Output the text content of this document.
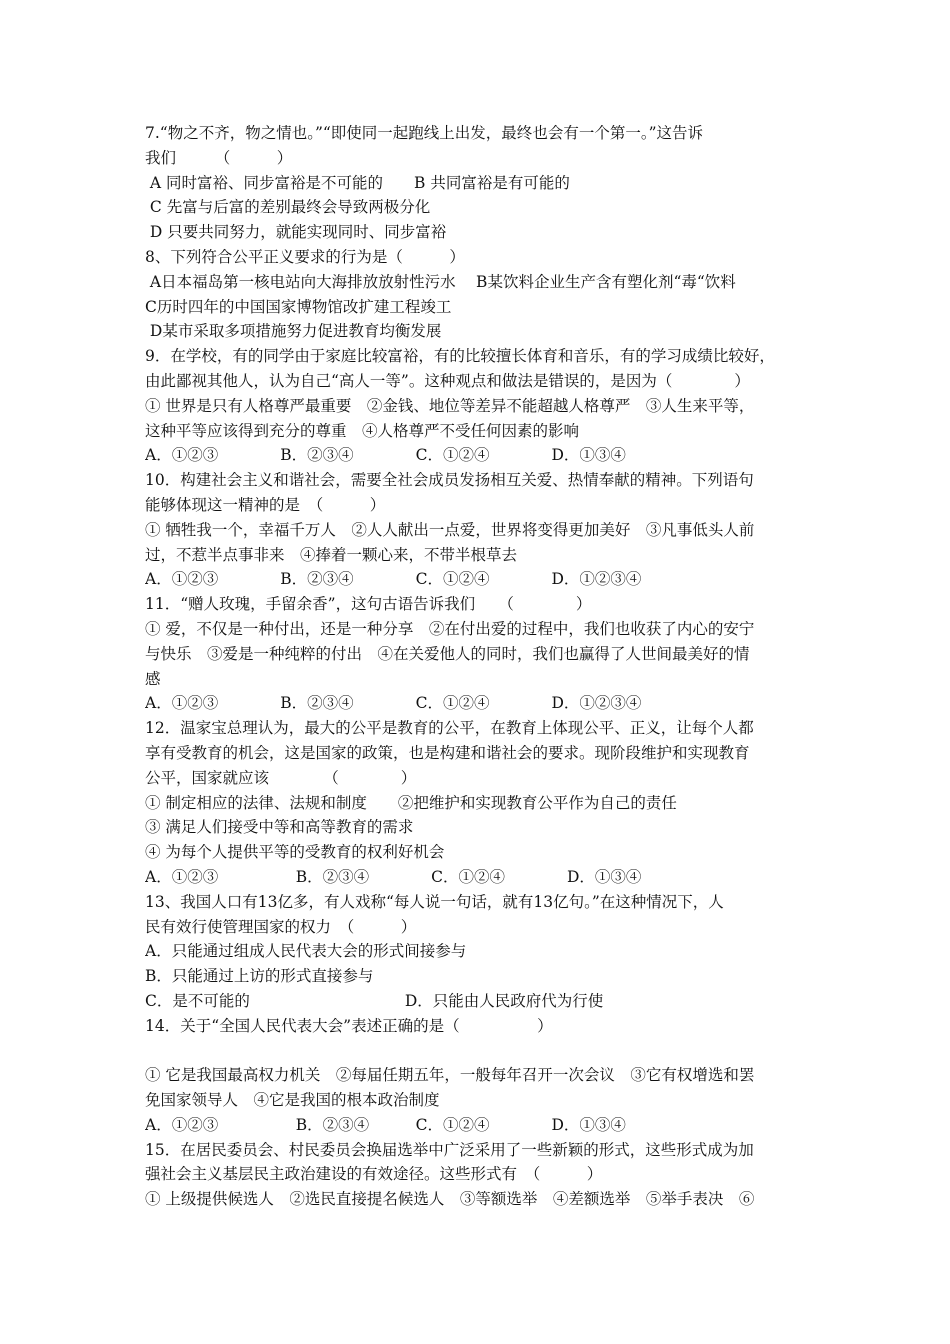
7.“物之不齐，物之情也。”“即使同一起跑线上出发，最终也会有一个第一。”这告诉
我们　　　（　　　）
A 同时富裕、同步富裕是不可能的　　B 共同富裕是有可能的
C 先富与后富的差别最终会导致两极分化
D 只要共同努力，就能实现同时、同步富裕
8、下列符合公平正义要求的行为是（　　　）
A日本福岛第一核电站向大海排放放射性污水　 B某饮料企业生产含有塑化剂“毒“饮料
C历时四年的中国国家博物馆改扩建工程竣工
D某市采取多项措施努力促进教育均衡发展
9．在学校，有的同学由于家庭比较富裕，有的比较擅长体育和音乐，有的学习成绩比较好，
由此鄙视其他人，认为自己“高人一等”。这种观点和做法是错误的，是因为（　　　　）
① 世界是只有人格尊严最重要　②金钱、地位等差异不能超越人格尊严　③人生来平等，
这种平等应该得到充分的尊重　④人格尊严不受任何因素的影响
A．①②③　　　　B．②③④　　　　C．①②④　　　　D．①③④
10．构建社会主义和谐社会，需要全社会成员发扬相互关爱、热情奉献的精神。下列语句
能够体现这一精神的是　（　　　）
① 牺牲我一个，幸福千万人　②人人献出一点爱，世界将变得更加美好　③凡事低头人前
过，不惹半点事非来　④捧着一颗心来，不带半根草去
A．①②③　　　　B．②③④　　　　C．①②④　　　　D．①②③④
11．“赠人玫瑰，手留余香”，这句古语告诉我们　　（　　　　）
① 爱，不仅是一种付出，还是一种分享　②在付出爱的过程中，我们也收获了内心的安宁
与快乐　③爱是一种纯粹的付出　④在关爱他人的同时，我们也赢得了人世间最美好的情
感
A．①②③　　　　B．②③④　　　　C．①②④　　　　D．①②③④
12．温家宝总理认为，最大的公平是教育的公平，在教育上体现公平、正义，让每个人都
享有受教育的机会，这是国家的政策，也是构建和谐社会的要求。现阶段维护和实现教育
公平，国家就应该　　　　（　　　　）
① 制定相应的法律、法规和制度　　②把维护和实现教育公平作为自己的责任
③ 满足人们接受中等和高等教育的需求
④ 为每个人提供平等的受教育的权利好机会
A．①②③　　　　　B．②③④　　　　C．①②④　　　　D．①③④
13、我国人口有13亿多，有人戏称“每人说一句话，就有13亿句。”在这种情况下，人
民有效行使管理国家的权力　（　　　）
A．只能通过组成人民代表大会的形式间接参与
B．只能通过上访的形式直接参与
C．是不可能的　　　　　　　　　　D．只能由人民政府代为行使
14．关于“全国人民代表大会”表述正确的是（　　　　　）
① 它是我国最高权力机关　②每届任期五年，一般每年召开一次会议　③它有权增选和罢
免国家领导人　④它是我国的根本政治制度
A．①②③　　　　　B．②③④　　　C．①②④　　　　D．①③④
15．在居民委员会、村民委员会换届选举中广泛采用了一些新颖的形式，这些形式成为加
强社会主义基层民主政治建设的有效途径。这些形式有　（　　　）
① 上级提供候选人　②选民直接提名候选人　③等额选举　④差额选举　⑤举手表决　⑥
